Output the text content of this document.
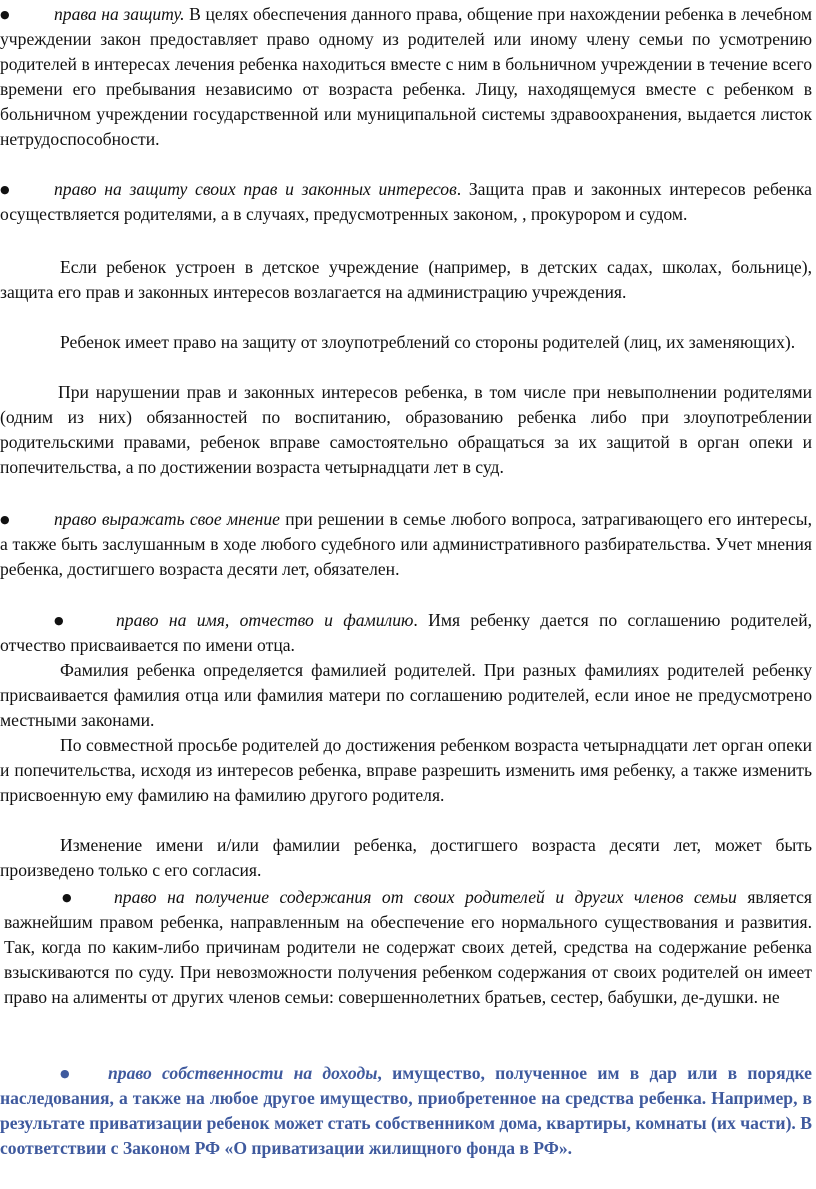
●	права на защиту. В целях обеспечения данного права, общение при нахождении ребенка в лечебном учреждении закон предоставляет право одному из родителей или иному члену семьи по усмотрению родителей в интересах лечения ребенка находиться вместе с ним в больничном учреждении в течение всего времени его пребывания независимо от возраста ребенка. Лицу, находящемуся вместе с ребенком в больничном учреждении государственной или муниципальной системы здравоохранения, выдается листок нетрудоспособности.

●	право на защиту своих прав и законных интересов. Защита прав и законных интересов ребенка осуществляется родителями, а в случаях, предусмотренных законом, , прокурором и судом.

Если ребенок устроен в детское учреждение (например, в детских садах, школах, больнице), защита его прав и законных интересов возлагается на администрацию учреждения.

Ребенок имеет право на защиту от злоупотреблений со стороны родителей (лиц, их заменяющих).

При нарушении прав и законных интересов ребенка, в том числе при невыполнении родителями (одним из них) обязанностей по воспитанию, образованию ребенка либо при злоупотреблении родительскими правами, ребенок вправе самостоятельно обращаться за их защитой в орган опеки и попечительства, а по достижении возраста четырнадцати лет в суд.

●	право выражать свое мнение при решении в семье любого вопроса, затрагивающего его интересы, а также быть заслушанным в ходе любого судебного или административного разбирательства. Учет мнения ребенка, достигшего возраста десяти лет, обязателен.

●	право на имя, отчество и фамилию. Имя ребенку дается по соглашению родителей, отчество присваивается по имени отца.

Фамилия ребенка определяется фамилией родителей. При разных фамилиях родителей ребенку присваивается фамилия отца или фамилия матери по соглашению родителей, если иное не предусмотрено местными законами.

По совместной просьбе родителей до достижения ребенком возраста четырнадцати лет орган опеки и попечительства, исходя из интересов ребенка, вправе разрешить изменить имя ребенку, а также изменить присвоенную ему фамилию на фамилию другого родителя.

Изменение имени и/или фамилии ребенка, достигшего возраста десяти лет, может быть произведено только с его согласия.

● право на получение содержания от своих родителей и других членов семьи является важнейшим правом ребенка, направленным на обеспечение его нормального существования и развития. Так, когда по каким-либо причинам родители не содержат своих детей, средства на содержание ребенка взыскиваются по суду. При невозможности получения ребенком содержания от своих родителей он имеет право на алименты от других членов семьи: совершеннолетних братьев, сестер, бабушки, де-душки. не

● право собственности на доходы, имущество, полученное им в дар или в порядке наследования, а также на любое другое имущество, приобретенное на средства ребенка. Например, в результате приватизации ребенок может стать собственником дома, квартиры, комнаты (их части). В соответствии с Законом РФ «О приватизации жилищного фонда в РФ».
